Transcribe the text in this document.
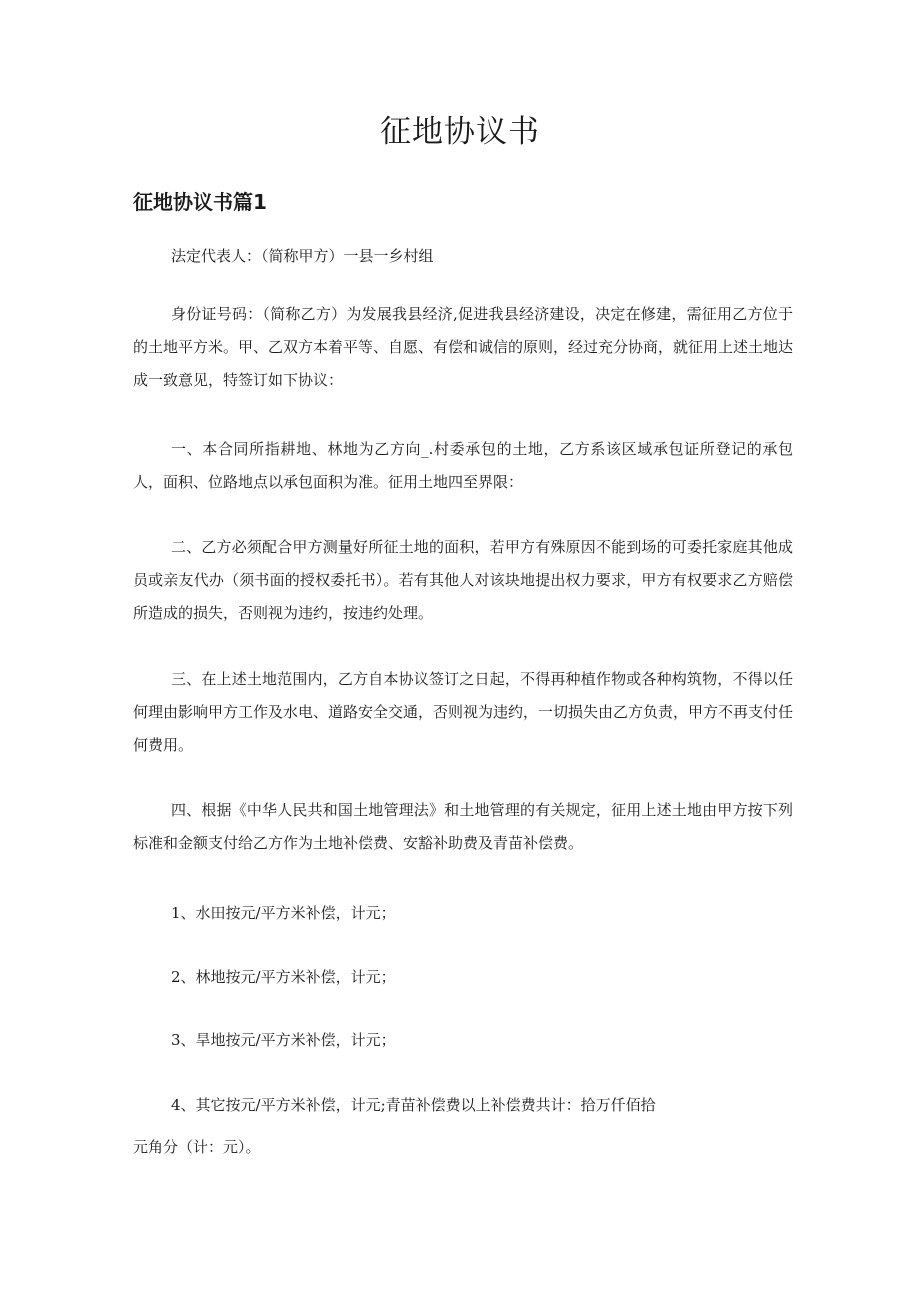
征地协议书
征地协议书篇1

法定代表人：（简称甲方）一县一乡村组

身份证号码：（简称乙方）为发展我县经济,促进我县经济建设，决定在修建，需征用乙方位于的土地平方米。甲、乙双方本着平等、自愿、有偿和诚信的原则，经过充分协商，就征用上述土地达成一致意见，特签订如下协议：

一、本合同所指耕地、林地为乙方向_.村委承包的土地，乙方系该区域承包证所登记的承包人，面积、位路地点以承包面积为准。征用土地四至界限：

二、乙方必须配合甲方测量好所征土地的面积，若甲方有殊原因不能到场的可委托家庭其他成员或亲友代办（须书面的授权委托书）。若有其他人对该块地提出权力要求，甲方有权要求乙方赔偿所造成的损失，否则视为违约，按违约处理。

三、在上述土地范围内，乙方自本协议签订之日起，不得再种植作物或各种构筑物，不得以任何理由影响甲方工作及水电、道路安全交通，否则视为违约，一切损失由乙方负责，甲方不再支付任何费用。

四、根据《中华人民共和国土地管理法》和土地管理的有关规定，征用上述土地由甲方按下列标准和金额支付给乙方作为土地补偿费、安豁补助费及青苗补偿费。

1、水田按元/平方米补偿，计元；

2、林地按元/平方米补偿，计元；

3、旱地按元/平方米补偿，计元；

4、其它按元/平方米补偿，计元;青苗补偿费以上补偿费共计：拾万仟佰拾

元角分（计：元）。
